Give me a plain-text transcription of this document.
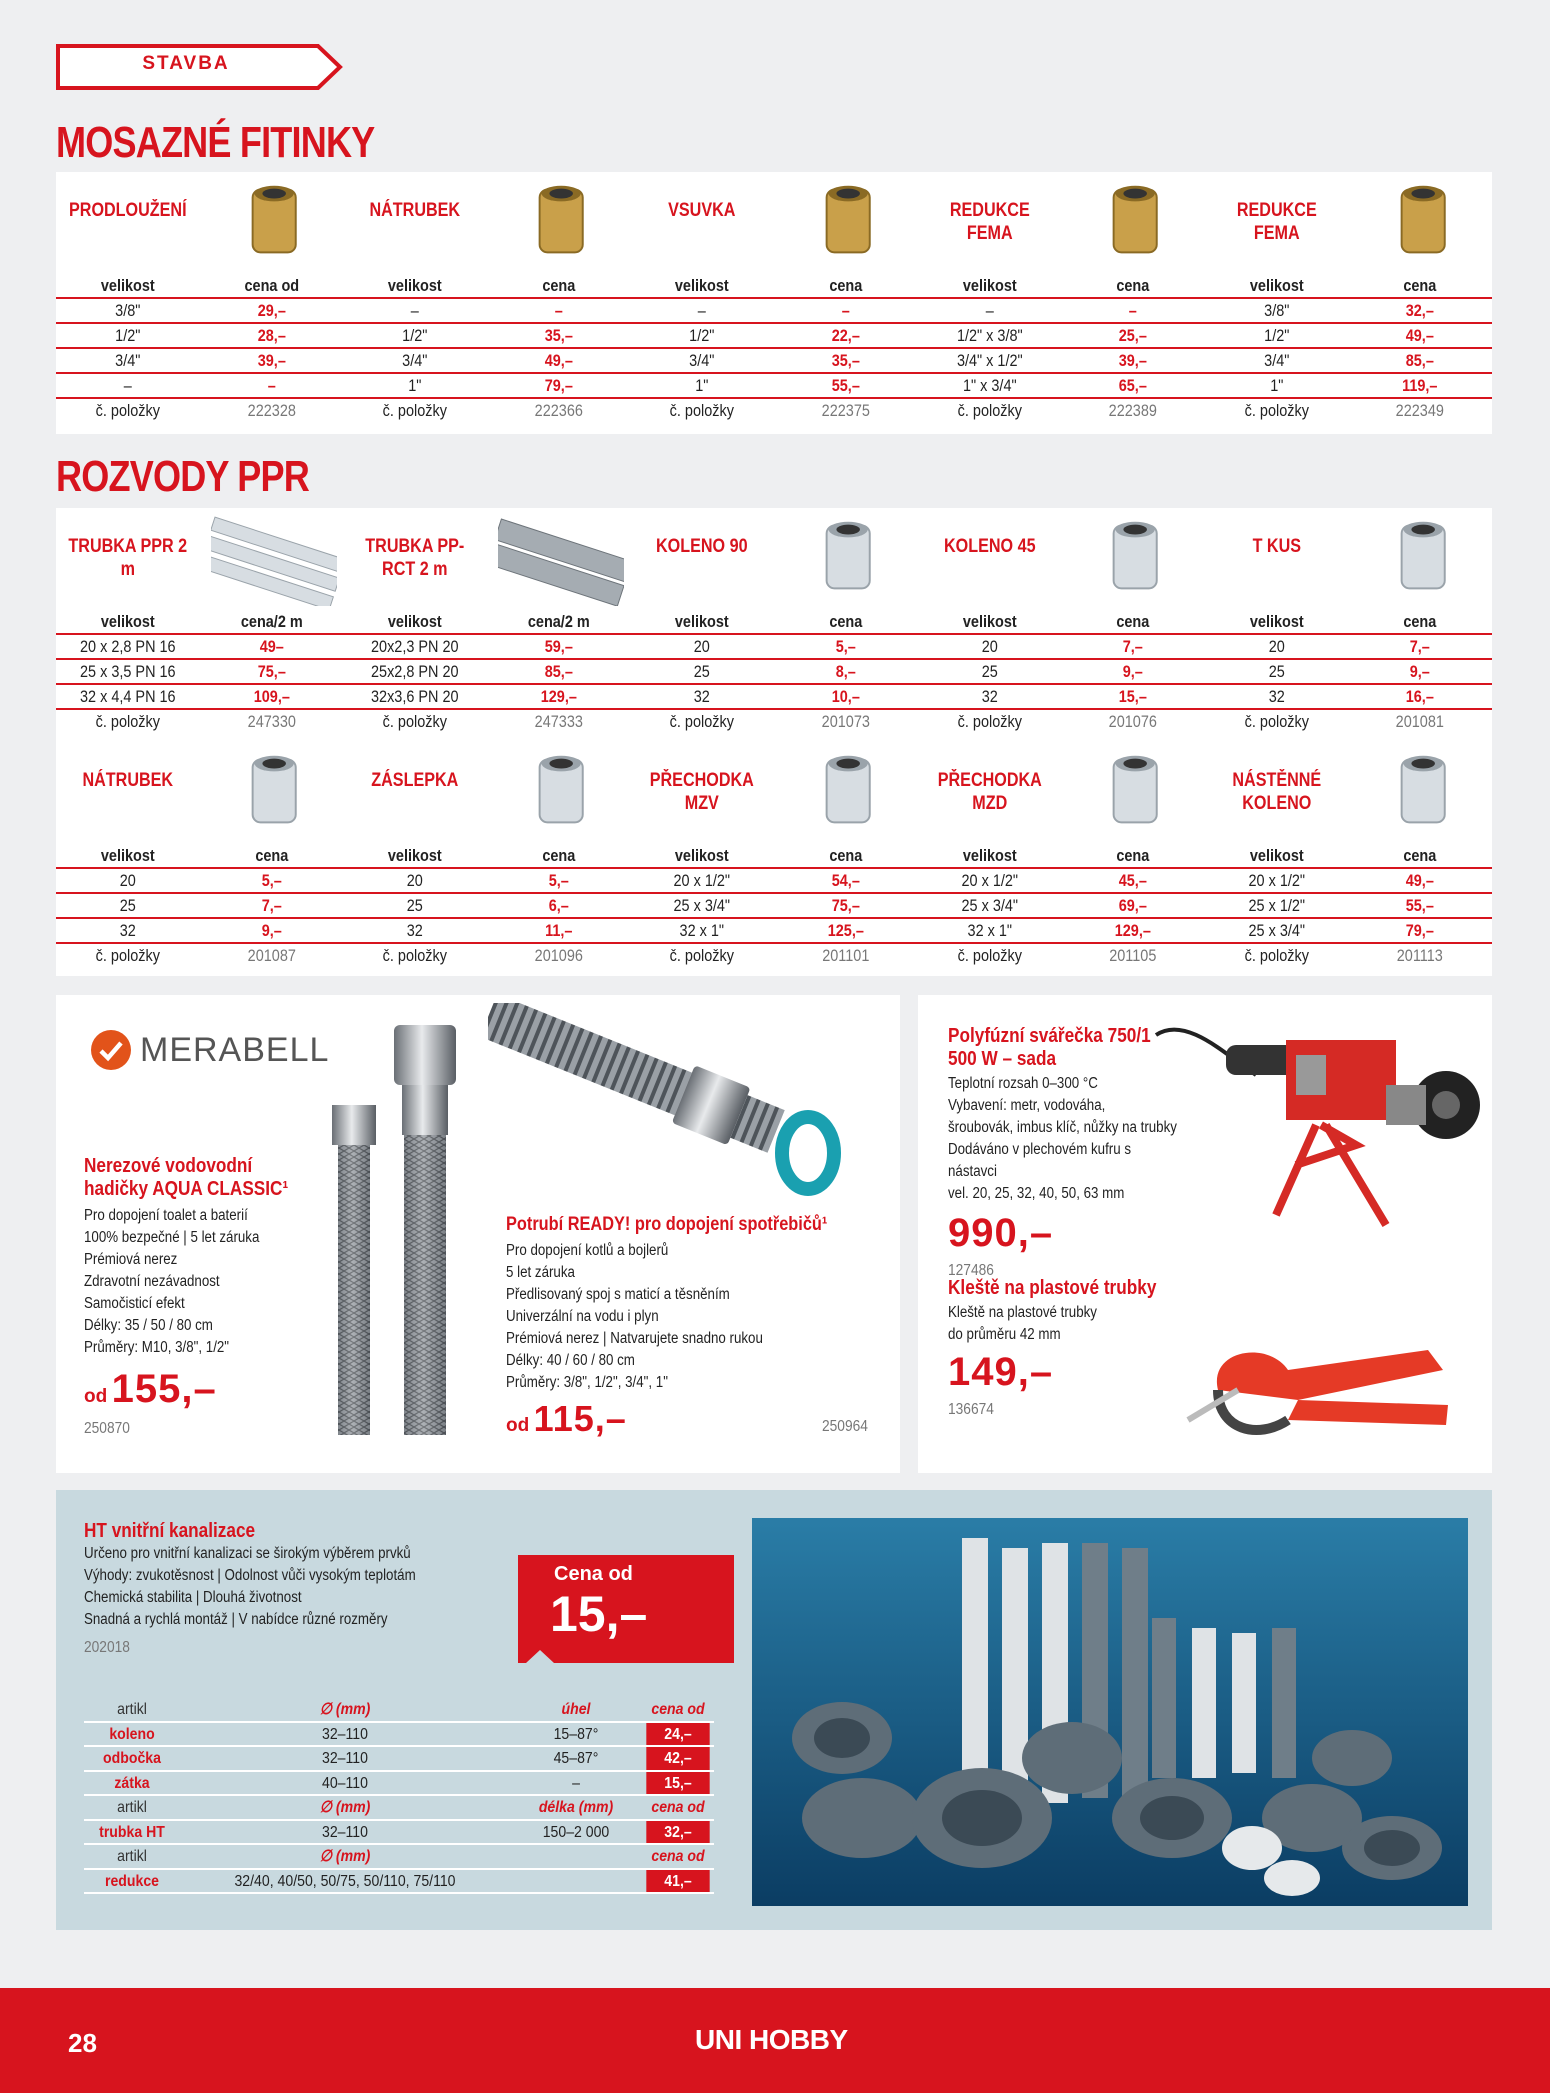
STAVBA
MOSAZNÉ FITINKY
PRODLOUŽENÍ
velikost	cena od
3/8"	29,–
1/2"	28,–
3/4"	39,–
–	–
č. položky	222328
NÁTRUBEK
velikost	cena
–	–
1/2"	35,–
3/4"	49,–
1"	79,–
č. položky	222366
VSUVKA
velikost	cena
–	–
1/2"	22,–
3/4"	35,–
1"	55,–
č. položky	222375
REDUKCE FEMA
velikost	cena
–	–
1/2" x 3/8"	25,–
3/4" x 1/2"	39,–
1" x 3/4"	65,–
č. položky	222389
REDUKCE FEMA
velikost	cena
3/8"	32,–
1/2"	49,–
3/4"	85,–
1"	119,–
č. položky	222349
ROZVODY PPR
TRUBKA PPR 2 m
velikost	cena/2 m
20 x 2,8 PN 16	49–
25 x 3,5 PN 16	75,–
32 x 4,4 PN 16	109,–
č. položky	247330
TRUBKA PP-RCT 2 m
velikost	cena/2 m
20x2,3 PN 20	59,–
25x2,8 PN 20	85,–
32x3,6 PN 20	129,–
č. položky	247333
KOLENO 90
velikost	cena
20	5,–
25	8,–
32	10,–
č. položky	201073
KOLENO 45
velikost	cena
20	7,–
25	9,–
32	15,–
č. položky	201076
T KUS
velikost	cena
20	7,–
25	9,–
32	16,–
č. položky	201081
NÁTRUBEK
velikost	cena
20	5,–
25	7,–
32	9,–
č. položky	201087
ZÁSLEPKA
velikost	cena
20	5,–
25	6,–
32	11,–
č. položky	201096
PŘECHODKA MZV
velikost	cena
20 x 1/2"	54,–
25 x 3/4"	75,–
32 x 1"	125,–
č. položky	201101
PŘECHODKA MZD
velikost	cena
20 x 1/2"	45,–
25 x 3/4"	69,–
32 x 1"	129,–
č. položky	201105
NÁSTĚNNÉ KOLENO
velikost	cena
20 x 1/2"	49,–
25 x 1/2"	55,–
25 x 3/4"	79,–
č. položky	201113
MERABELL
Nerezové vodovodní hadičky AQUA CLASSIC¹
Pro dopojení toalet a baterií
100% bezpečné | 5 let záruka
Prémiová nerez
Zdravotní nezávadnost
Samočisticí efekt
Délky: 35 / 50 / 80 cm
Průměry: M10, 3/8", 1/2"
od 155,–
250870
Potrubí READY! pro dopojení spotřebičů¹
Pro dopojení kotlů a bojlerů
5 let záruka
Předlisovaný spoj s maticí a těsněním
Univerzální na vodu i plyn
Prémiová nerez | Natvarujete snadno rukou
Délky: 40 / 60 / 80 cm
Průměry: 3/8", 1/2", 3/4", 1"
od 115,–	250964
Polyfúzní svářečka 750/1 500 W – sada
Teplotní rozsah 0–300 °C
Vybavení: metr, vodováha,
šroubovák, imbus klíč, nůžky na trubky
Dodáváno v plechovém kufru s nástavci
vel. 20, 25, 32, 40, 50, 63 mm
990,–
127486
Kleště na plastové trubky
Kleště na plastové trubky
do průměru 42 mm
149,–
136674
HT vnitřní kanalizace
Určeno pro vnitřní kanalizaci se širokým výběrem prvků
Výhody: zvukotěsnost | Odolnost vůči vysokým teplotám
Chemická stabilita | Dlouhá životnost
Snadná a rychlá montáž | V nabídce různé rozměry
202018
Cena od
15,–
artikl	∅ (mm)	úhel	cena od
koleno	32–110	15–87°	24,–
odbočka	32–110	45–87°	42,–
zátka	40–110	–	15,–
artikl	∅ (mm)	délka (mm)	cena od
trubka HT	32–110	150–2 000	32,–
artikl	∅ (mm)	cena od
redukce	32/40, 40/50, 50/75, 50/110, 75/110	41,–
28	UNI HOBBY
